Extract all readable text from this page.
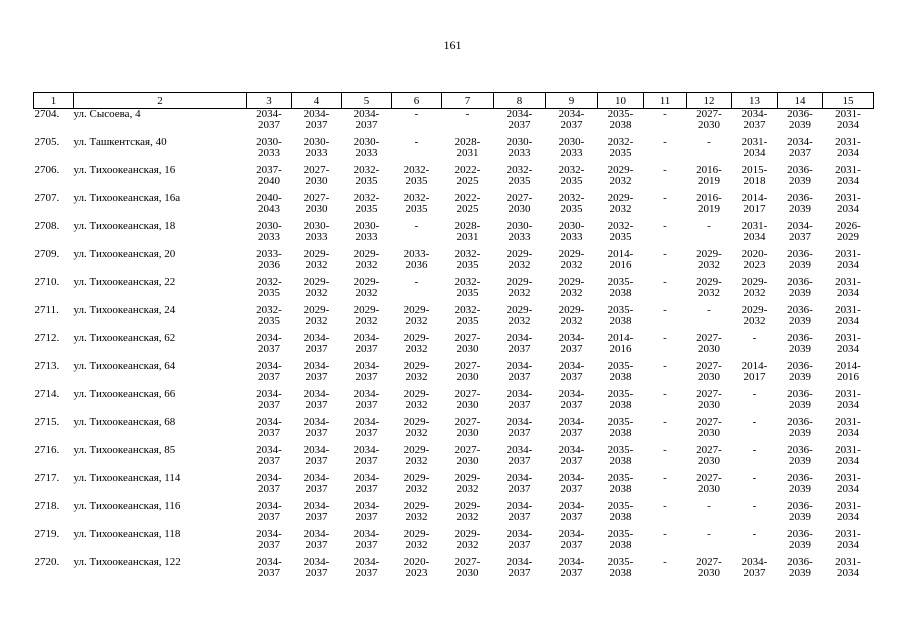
161
1	2	3	4	5	6	7	8	9	10	11	12	13	14	15
2704.	ул. Сысоева, 4	2034-
2037	2034-
2037	2034-
2037	-	-	2034-
2037	2034-
2037	2035-
2038	-	2027-
2030	2034-
2037	2036-
2039	2031-
2034

2705.	ул. Ташкентская, 40	2030-
2033	2030-
2033	2030-
2033	-	2028-
2031	2030-
2033	2030-
2033	2032-
2035	-	-	2031-
2034	2034-
2037	2031-
2034

2706.	ул. Тихоокеанская, 16	2037-
2040	2027-
2030	2032-
2035	2032-
2035	2022-
2025	2032-
2035	2032-
2035	2029-
2032	-	2016-
2019	2015-
2018	2036-
2039	2031-
2034

2707.	ул. Тихоокеанская, 16а	2040-
2043	2027-
2030	2032-
2035	2032-
2035	2022-
2025	2027-
2030	2032-
2035	2029-
2032	-	2016-
2019	2014-
2017	2036-
2039	2031-
2034

2708.	ул. Тихоокеанская, 18	2030-
2033	2030-
2033	2030-
2033	-	2028-
2031	2030-
2033	2030-
2033	2032-
2035	-	-	2031-
2034	2034-
2037	2026-
2029

2709.	ул. Тихоокеанская, 20	2033-
2036	2029-
2032	2029-
2032	2033-
2036	2032-
2035	2029-
2032	2029-
2032	2014-
2016	-	2029-
2032	2020-
2023	2036-
2039	2031-
2034

2710.	ул. Тихоокеанская, 22	2032-
2035	2029-
2032	2029-
2032	-	2032-
2035	2029-
2032	2029-
2032	2035-
2038	-	2029-
2032	2029-
2032	2036-
2039	2031-
2034

2711.	ул. Тихоокеанская, 24	2032-
2035	2029-
2032	2029-
2032	2029-
2032	2032-
2035	2029-
2032	2029-
2032	2035-
2038	-	-	2029-
2032	2036-
2039	2031-
2034

2712.	ул. Тихоокеанская, 62	2034-
2037	2034-
2037	2034-
2037	2029-
2032	2027-
2030	2034-
2037	2034-
2037	2014-
2016	-	2027-
2030	-	2036-
2039	2031-
2034

2713.	ул. Тихоокеанская, 64	2034-
2037	2034-
2037	2034-
2037	2029-
2032	2027-
2030	2034-
2037	2034-
2037	2035-
2038	-	2027-
2030	2014-
2017	2036-
2039	2014-
2016

2714.	ул. Тихоокеанская, 66	2034-
2037	2034-
2037	2034-
2037	2029-
2032	2027-
2030	2034-
2037	2034-
2037	2035-
2038	-	2027-
2030	-	2036-
2039	2031-
2034

2715.	ул. Тихоокеанская, 68	2034-
2037	2034-
2037	2034-
2037	2029-
2032	2027-
2030	2034-
2037	2034-
2037	2035-
2038	-	2027-
2030	-	2036-
2039	2031-
2034

2716.	ул. Тихоокеанская, 85	2034-
2037	2034-
2037	2034-
2037	2029-
2032	2027-
2030	2034-
2037	2034-
2037	2035-
2038	-	2027-
2030	-	2036-
2039	2031-
2034

2717.	ул. Тихоокеанская, 114	2034-
2037	2034-
2037	2034-
2037	2029-
2032	2029-
2032	2034-
2037	2034-
2037	2035-
2038	-	2027-
2030	-	2036-
2039	2031-
2034

2718.	ул. Тихоокеанская, 116	2034-
2037	2034-
2037	2034-
2037	2029-
2032	2029-
2032	2034-
2037	2034-
2037	2035-
2038	-	-	-	2036-
2039	2031-
2034

2719.	ул. Тихоокеанская, 118	2034-
2037	2034-
2037	2034-
2037	2029-
2032	2029-
2032	2034-
2037	2034-
2037	2035-
2038	-	-	-	2036-
2039	2031-
2034

2720.	ул. Тихоокеанская, 122	2034-
2037	2034-
2037	2034-
2037	2020-
2023	2027-
2030	2034-
2037	2034-
2037	2035-
2038	-	2027-
2030	2034-
2037	2036-
2039	2031-
2034
